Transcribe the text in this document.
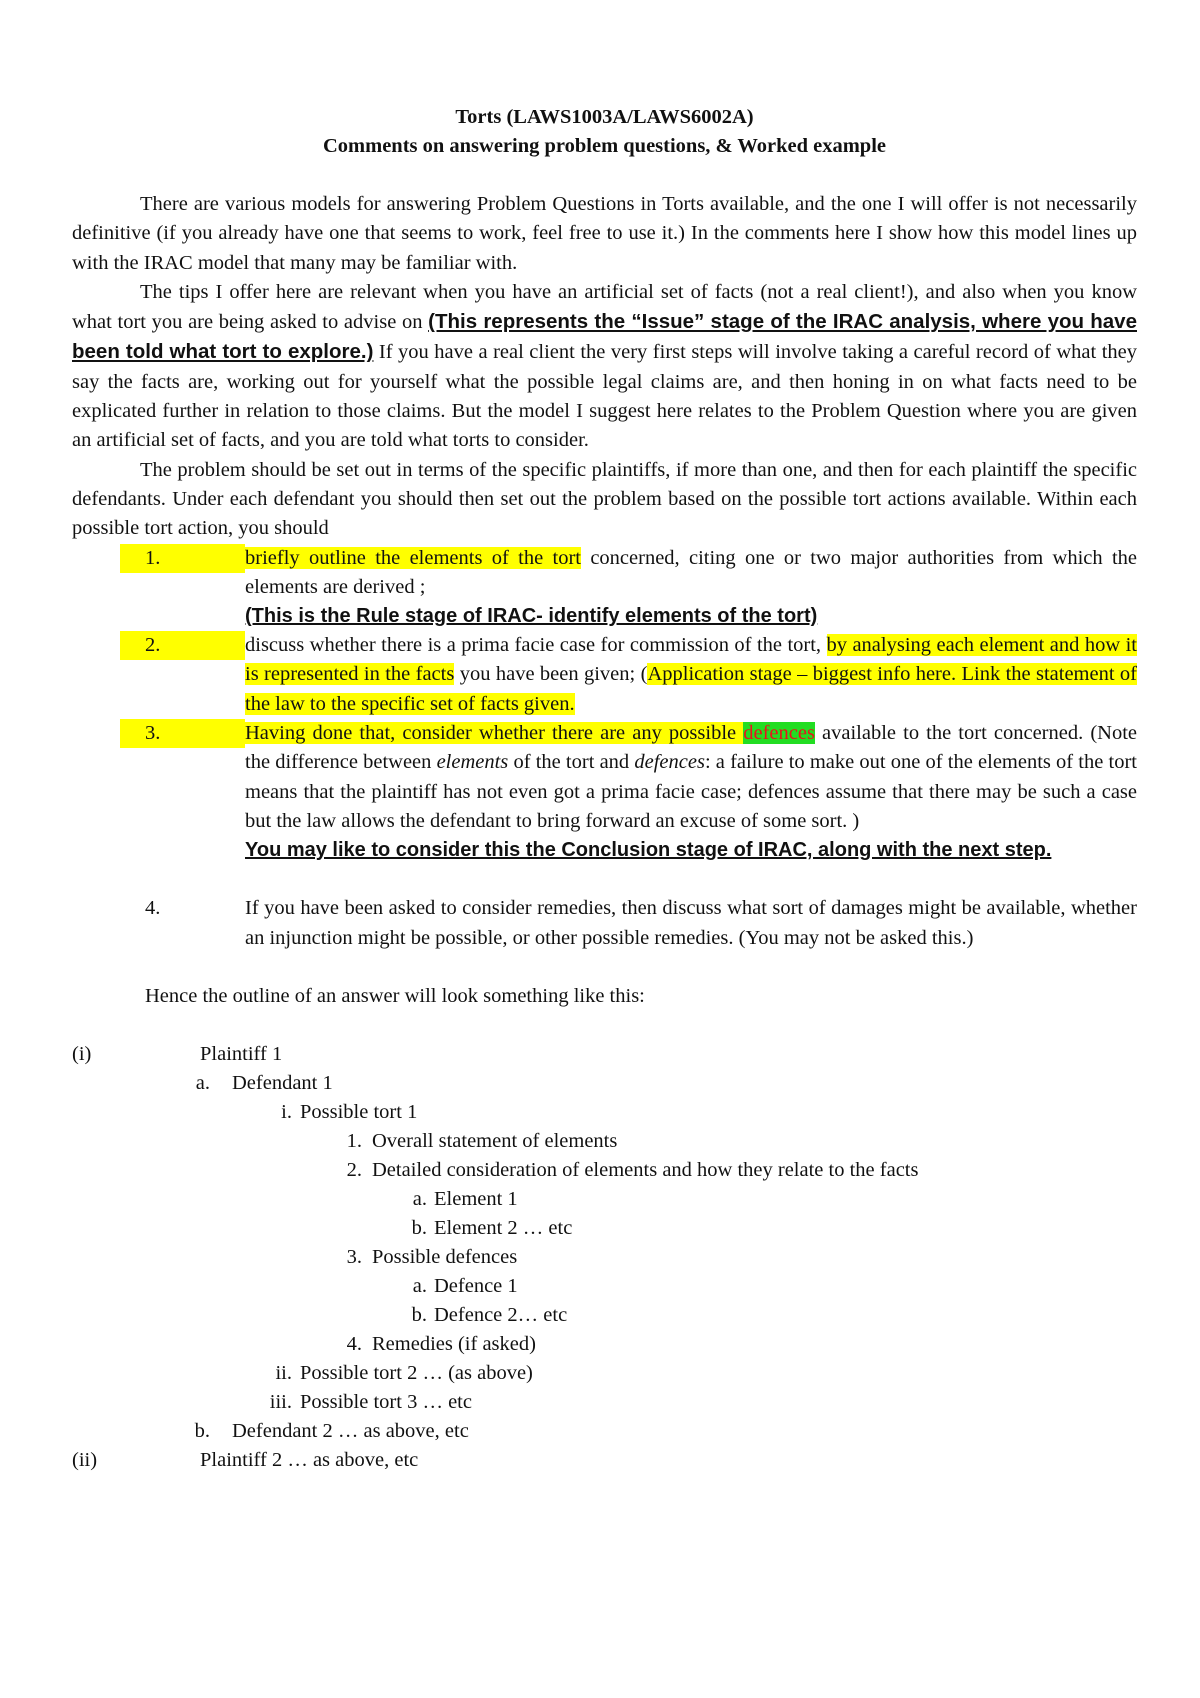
Torts (LAWS1003A/LAWS6002A)
Comments on answering problem questions, & Worked example
There are various models for answering Problem Questions in Torts available, and the one I will offer is not necessarily definitive (if you already have one that seems to work, feel free to use it.) In the comments here I show how this model lines up with the IRAC model that many may be familiar with.
The tips I offer here are relevant when you have an artificial set of facts (not a real client!), and also when you know what tort you are being asked to advise on (This represents the “Issue” stage of the IRAC analysis, where you have been told what tort to explore.) If you have a real client the very first steps will involve taking a careful record of what they say the facts are, working out for yourself what the possible legal claims are, and then honing in on what facts need to be explicated further in relation to those claims. But the model I suggest here relates to the Problem Question where you are given an artificial set of facts, and you are told what torts to consider.
The problem should be set out in terms of the specific plaintiffs, if more than one, and then for each plaintiff the specific defendants. Under each defendant you should then set out the problem based on the possible tort actions available. Within each possible tort action, you should
1.	briefly outline the elements of the tort concerned, citing one or two major authorities from which the elements are derived ;
(This is the Rule stage of IRAC- identify elements of the tort)
2.	discuss whether there is a prima facie case for commission of the tort, by analysing each element and how it is represented in the facts you have been given; (Application stage – biggest info here. Link the statement of the law to the specific set of facts given.
3.	Having done that, consider whether there are any possible defences available to the tort concerned. (Note the difference between elements of the tort and defences: a failure to make out one of the elements of the tort means that the plaintiff has not even got a prima facie case; defences assume that there may be such a case but the law allows the defendant to bring forward an excuse of some sort. )
You may like to consider this the Conclusion stage of IRAC, along with the next step.
4.	If you have been asked to consider remedies, then discuss what sort of damages might be available, whether an injunction might be possible, or other possible remedies. (You may not be asked this.)
Hence the outline of an answer will look something like this:
(i)	Plaintiff 1
a. Defendant 1
i. Possible tort 1
1. Overall statement of elements
2. Detailed consideration of elements and how they relate to the facts
a. Element 1
b. Element 2 … etc
3. Possible defences
a. Defence 1
b. Defence 2… etc
4. Remedies (if asked)
ii. Possible tort 2 … (as above)
iii. Possible tort 3 … etc
b. Defendant 2 … as above, etc
(ii)	Plaintiff 2 … as above, etc
